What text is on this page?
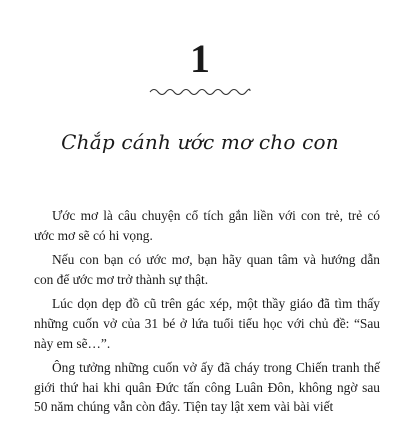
1
Chắp cánh ước mơ cho con

Ước mơ là câu chuyện cổ tích gắn liền với con trẻ, trẻ có ước mơ sẽ có hi vọng.

Nếu con bạn có ước mơ, bạn hãy quan tâm và hướng dẫn con để ước mơ trở thành sự thật.

Lúc dọn dẹp đồ cũ trên gác xép, một thầy giáo đã tìm thấy những cuốn vở của 31 bé ở lứa tuổi tiểu học với chủ đề: “Sau này em sẽ…”.

Ông tưởng những cuốn vở ấy đã cháy trong Chiến tranh thế giới thứ hai khi quân Đức tấn công Luân Đôn, không ngờ sau 50 năm chúng vẫn còn đây. Tiện tay lật xem vài bài viết
